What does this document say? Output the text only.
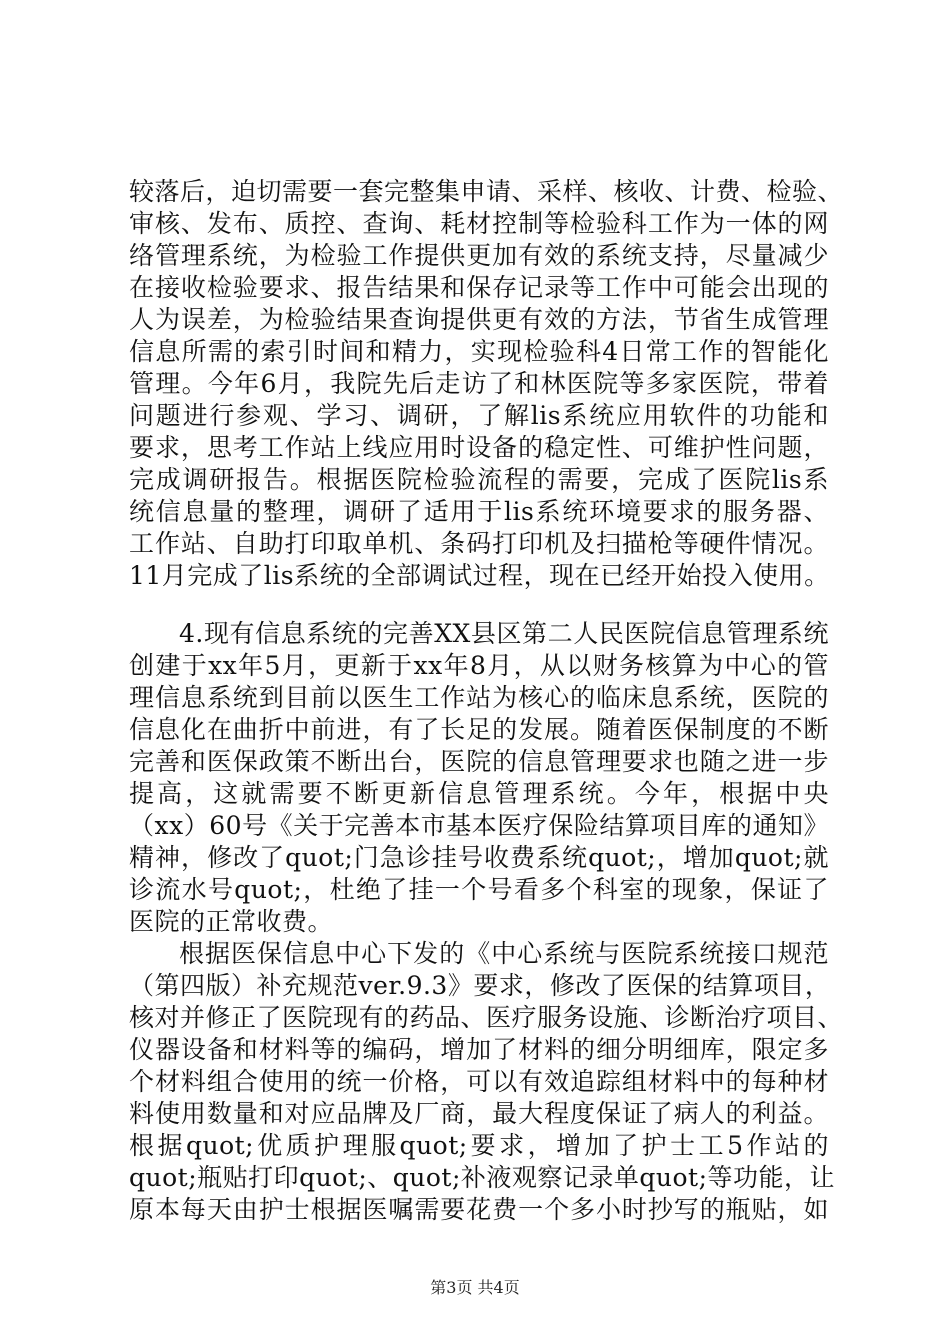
较落后，迫切需要一套完整集申请、采样、核收、计费、检验、
审核、发布、质控、查询、耗材控制等检验科工作为一体的网
络管理系统，为检验工作提供更加有效的系统支持，尽量减少
在接收检验要求、报告结果和保存记录等工作中可能会出现的
人为误差，为检验结果查询提供更有效的方法，节省生成管理
信息所需的索引时间和精力，实现检验科4日常工作的智能化
管理。今年6月，我院先后走访了和林医院等多家医院，带着
问题进行参观、学习、调研，了解lis系统应用软件的功能和
要求，思考工作站上线应用时设备的稳定性、可维护性问题，
完成调研报告。根据医院检验流程的需要，完成了医院lis系
统信息量的整理，调研了适用于lis系统环境要求的服务器、
工作站、自助打印取单机、条码打印机及扫描枪等硬件情况。
11月完成了lis系统的全部调试过程，现在已经开始投入使用。
4.现有信息系统的完善XX县区第二人民医院信息管理系统
创建于xx年5月，更新于xx年8月，从以财务核算为中心的管
理信息系统到目前以医生工作站为核心的临床息系统，医院的
信息化在曲折中前进，有了长足的发展。随着医保制度的不断
完善和医保政策不断出台，医院的信息管理要求也随之进一步
提高，这就需要不断更新信息管理系统。今年，根据中央
（xx）60号《关于完善本市基本医疗保险结算项目库的通知》
精神，修改了quot;门急诊挂号收费系统quot;，增加quot;就
诊流水号quot;，杜绝了挂一个号看多个科室的现象，保证了
医院的正常收费。
根据医保信息中心下发的《中心系统与医院系统接口规范
（第四版）补充规范ver.9.3》要求，修改了医保的结算项目，
核对并修正了医院现有的药品、医疗服务设施、诊断治疗项目、
仪器设备和材料等的编码，增加了材料的细分明细库，限定多
个材料组合使用的统一价格，可以有效追踪组材料中的每种材
料使用数量和对应品牌及厂商，最大程度保证了病人的利益。
根据quot;优质护理服quot;要求，增加了护士工5作站的
quot;瓶贴打印quot;、quot;补液观察记录单quot;等功能，让
原本每天由护士根据医嘱需要花费一个多小时抄写的瓶贴，如
第3页 共4页
